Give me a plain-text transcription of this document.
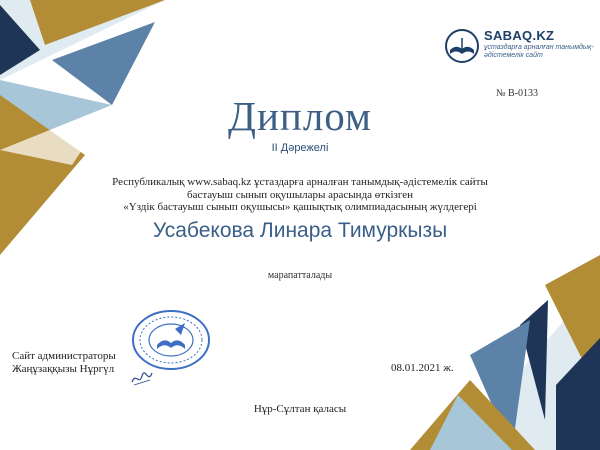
SABAQ.KZ
ұстаздарға арналған танымдық-әдістемелік сайт
№ B-0133
Диплом
II Дәрежелі
Республикалық www.sabaq.kz ұстаздарға арналған танымдық-әдістемелік сайты
бастауыш сынып оқушылары арасында өткізген
«Үздік бастауыш сынып оқушысы» қашықтық олимпиадасының жүлдегері
Усабекова Линара Тимуркызы
марапатталады
Сайт администраторы
Жаңұзаққызы Нұргүл	08.01.2021 ж.
Нұр-Сұлтан қаласы
